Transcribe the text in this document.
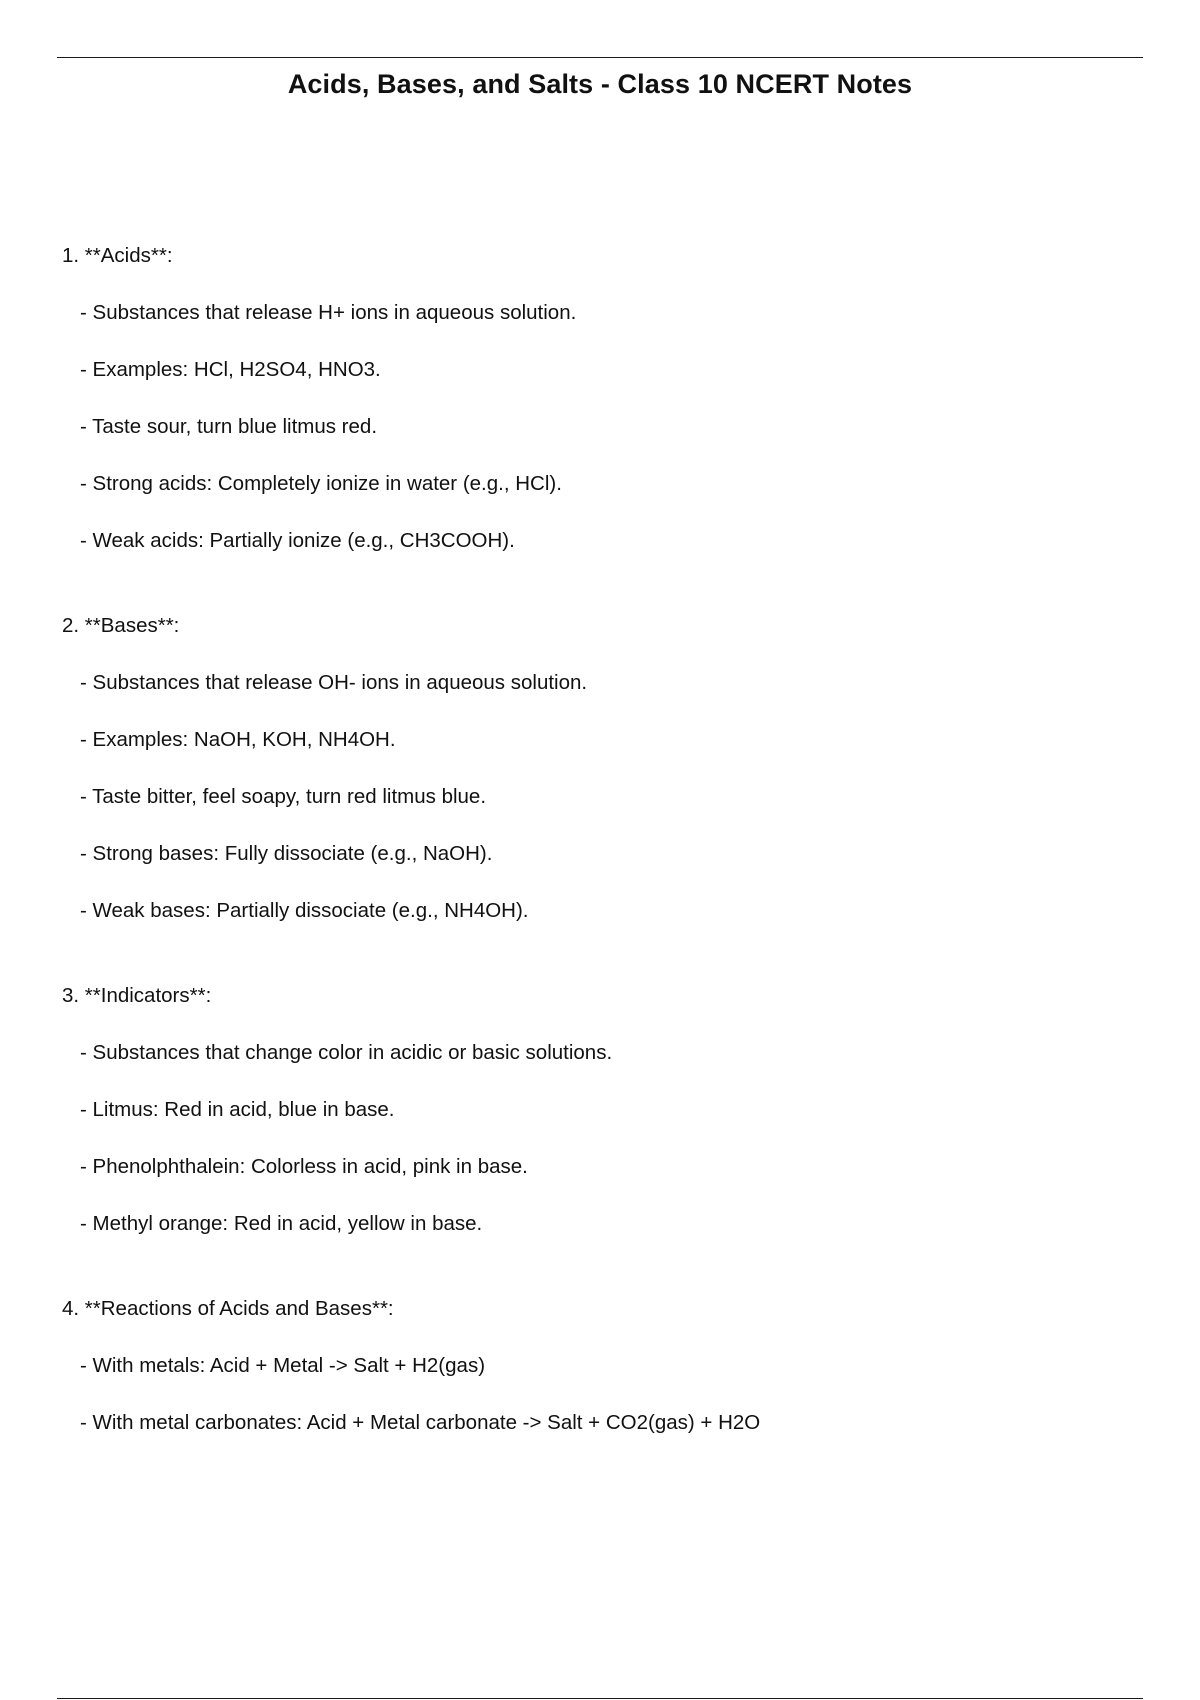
Acids, Bases, and Salts - Class 10 NCERT Notes
1. **Acids**:
- Substances that release H+ ions in aqueous solution.
- Examples: HCl, H2SO4, HNO3.
- Taste sour, turn blue litmus red.
- Strong acids: Completely ionize in water (e.g., HCl).
- Weak acids: Partially ionize (e.g., CH3COOH).
2. **Bases**:
- Substances that release OH- ions in aqueous solution.
- Examples: NaOH, KOH, NH4OH.
- Taste bitter, feel soapy, turn red litmus blue.
- Strong bases: Fully dissociate (e.g., NaOH).
- Weak bases: Partially dissociate (e.g., NH4OH).
3. **Indicators**:
- Substances that change color in acidic or basic solutions.
- Litmus: Red in acid, blue in base.
- Phenolphthalein: Colorless in acid, pink in base.
- Methyl orange: Red in acid, yellow in base.
4. **Reactions of Acids and Bases**:
- With metals: Acid + Metal -> Salt + H2(gas)
- With metal carbonates: Acid + Metal carbonate -> Salt + CO2(gas) + H2O
